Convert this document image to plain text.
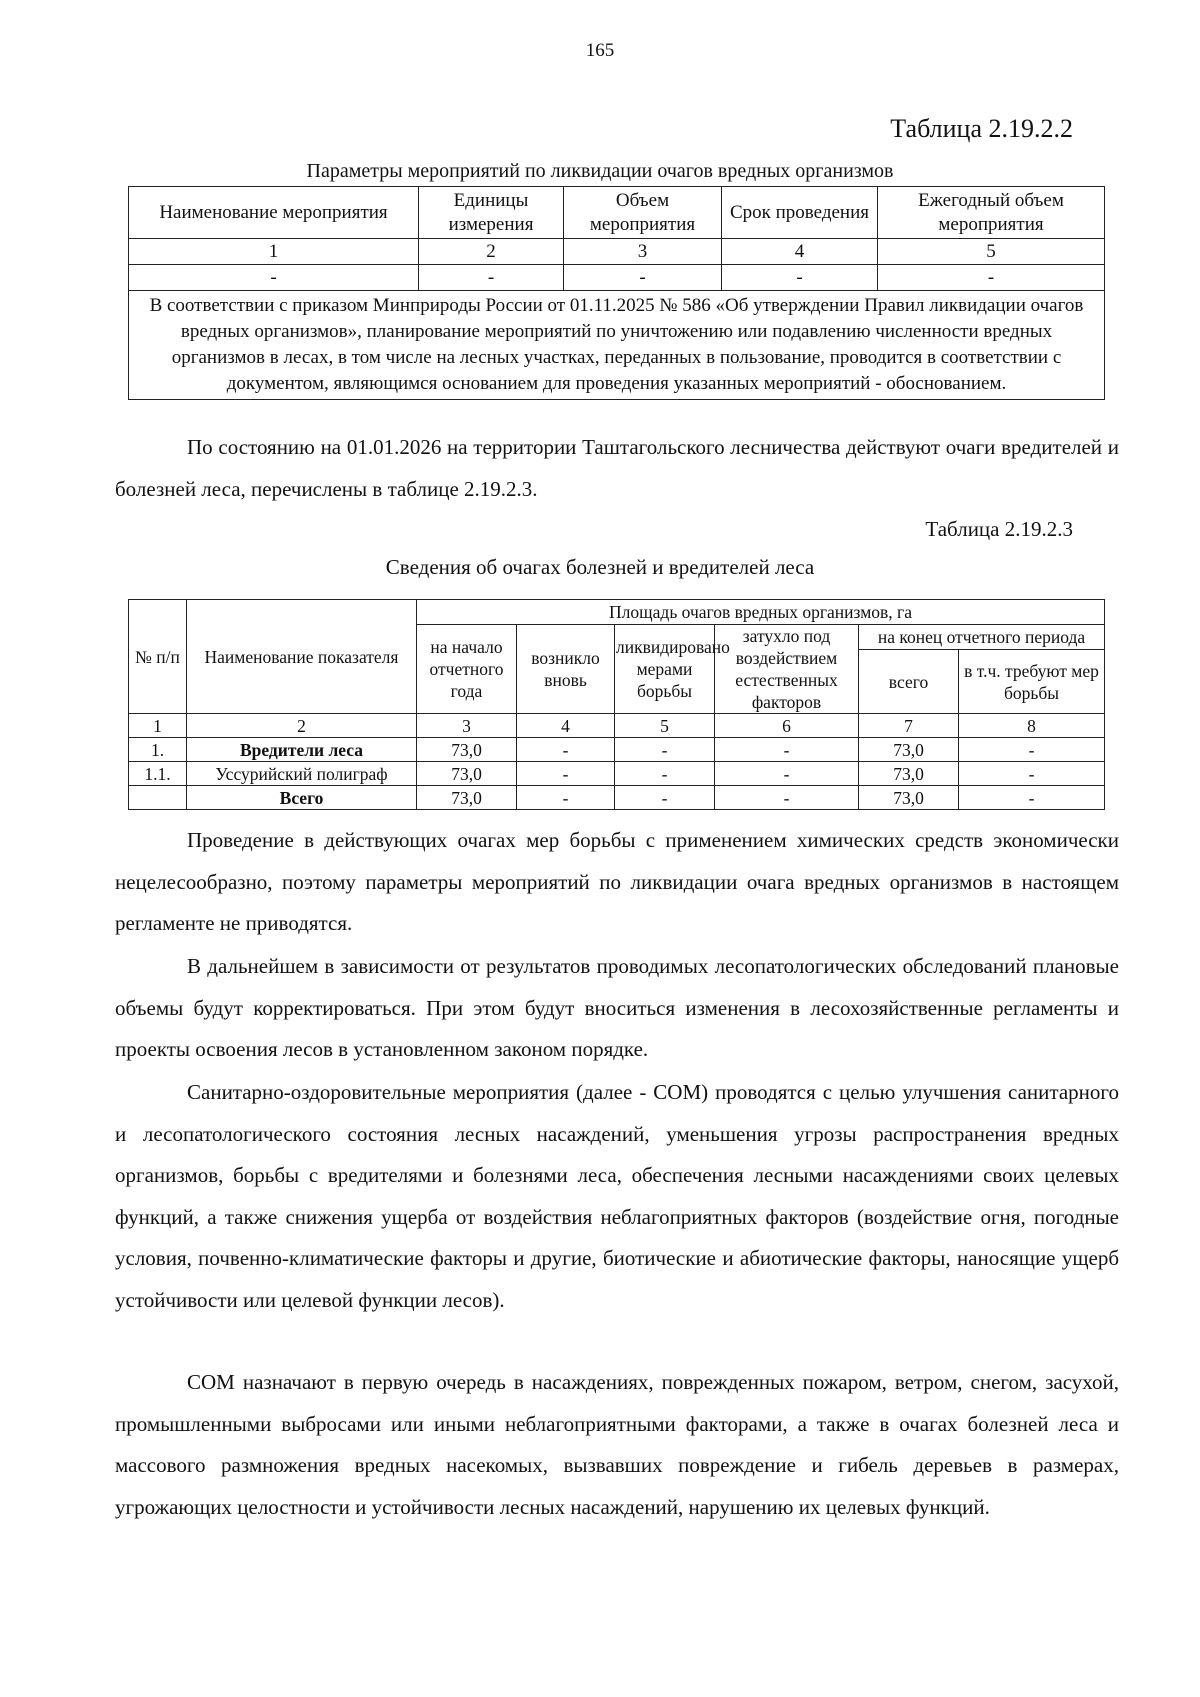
165
Таблица 2.19.2.2
Параметры мероприятий по ликвидации очагов вредных организмов
Наименование мероприятия	Единицы измерения	Объем мероприятия	Срок проведения	Ежегодный объем мероприятия
1	2	3	4	5
-	-	-	-	-
В соответствии с приказом Минприроды России от 01.11.2025 № 586 «Об утверждении Правил ликвидации очагов вредных организмов», планирование мероприятий по уничтожению или подавлению численности вредных организмов в лесах, в том числе на лесных участках, переданных в пользование, проводится в соответствии с документом, являющимся основанием для проведения указанных мероприятий - обоснованием.				

По состоянию на 01.01.2026 на территории Таштагольского лесничества действуют очаги вредителей и болезней леса, перечислены в таблице 2.19.2.3.

Таблица 2.19.2.3
Сведения об очагах болезней и вредителей леса
№ п/п	Наименование показателя	Площадь очагов вредных организмов, га					
		на начало отчетного года	возникло вновь	ликвидировано мерами борьбы	затухло под воздействием естественных факторов	на конец отчетного периода	
						всего	в т.ч. требуют мер борьбы
1	2	3	4	5	6	7	8
1.	Вредители леса	73,0	-	-	-	73,0	-
1.1.	Уссурийский полиграф	73,0	-	-	-	73,0	-
	Всего	73,0	-	-	-	73,0	-

Проведение в действующих очагах мер борьбы с применением химических средств экономически нецелесообразно, поэтому параметры мероприятий по ликвидации очага вредных организмов в настоящем регламенте не приводятся.

В дальнейшем в зависимости от результатов проводимых лесопатологических обследований плановые объемы будут корректироваться. При этом будут вноситься изменения в лесохозяйственные регламенты и проекты освоения лесов в установленном законом порядке.

Санитарно-оздоровительные мероприятия (далее - СОМ) проводятся с целью улучшения санитарного и лесопатологического состояния лесных насаждений, уменьшения угрозы распространения вредных организмов, борьбы с вредителями и болезнями леса, обеспечения лесными насаждениями своих целевых функций, а также снижения ущерба от воздействия неблагоприятных факторов (воздействие огня, погодные условия, почвенно-климатические факторы и другие, биотические и абиотические факторы, наносящие ущерб устойчивости или целевой функции лесов).

СОМ назначают в первую очередь в насаждениях, поврежденных пожаром, ветром, снегом, засухой, промышленными выбросами или иными неблагоприятными факторами, а также в очагах болезней леса и массового размножения вредных насекомых, вызвавших повреждение и гибель деревьев в размерах, угрожающих целостности и устойчивости лесных насаждений, нарушению их целевых функций.
